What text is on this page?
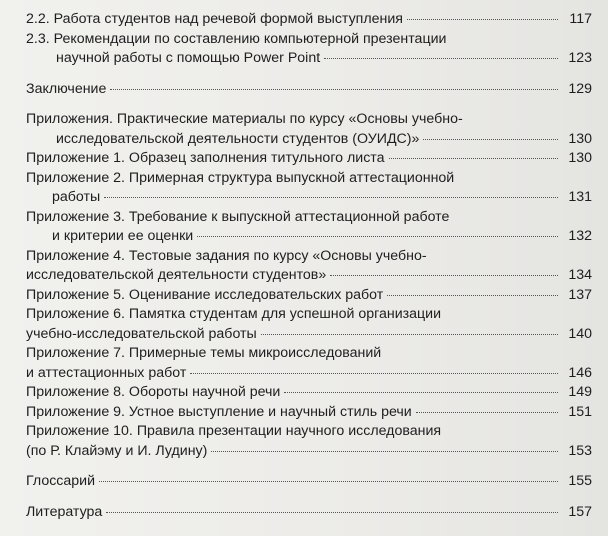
2.2. Работа студентов над речевой формой выступления	117
2.3. Рекомендации по составлению компьютерной презентации
научной работы с помощью Power Point	123
Заключение	129
Приложения. Практические материалы по курсу «Основы учебно-
исследовательской деятельности студентов (ОУИДС)»	130
Приложение 1. Образец заполнения титульного листа	130
Приложение 2. Примерная структура выпускной аттестационной
работы	131
Приложение 3. Требование к выпускной аттестационной работе
и критерии ее оценки	132
Приложение 4. Тестовые задания по курсу «Основы учебно-
исследовательской деятельности студентов»	134
Приложение 5. Оценивание исследовательских работ	137
Приложение 6. Памятка студентам для успешной организации
учебно-исследовательской работы	140
Приложение 7. Примерные темы микроисследований
и аттестационных работ	146
Приложение 8. Обороты научной речи	149
Приложение 9. Устное выступление и научный стиль речи	151
Приложение 10. Правила презентации научного исследования
(по Р. Клайэму и И. Лудину)	153
Глоссарий	155
Литература	157
